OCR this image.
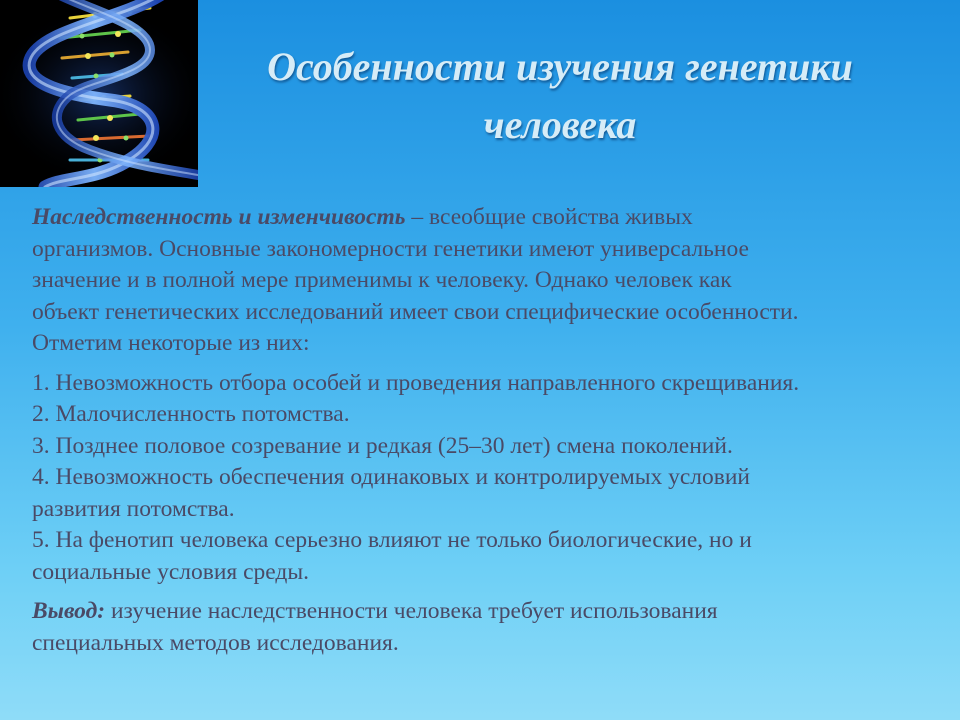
Особенности изучения генетики
человека

Наследственность и изменчивость – всеобщие свойства живых

организмов. Основные закономерности генетики имеют универсальное

значение и в полной мере применимы к человеку. Однако человек как

объект генетических исследований имеет свои специфические особенности.

Отметим некоторые из них:

1. Невозможность отбора особей и проведения направленного скрещивания.

2. Малочисленность потомства.

3. Позднее половое созревание и редкая (25–30 лет) смена поколений.

4. Невозможность обеспечения одинаковых и контролируемых условий

развития потомства.

5. На фенотип человека серьезно влияют не только биологические, но и

социальные условия среды.

Вывод: изучение наследственности человека требует использования

специальных методов исследования.
